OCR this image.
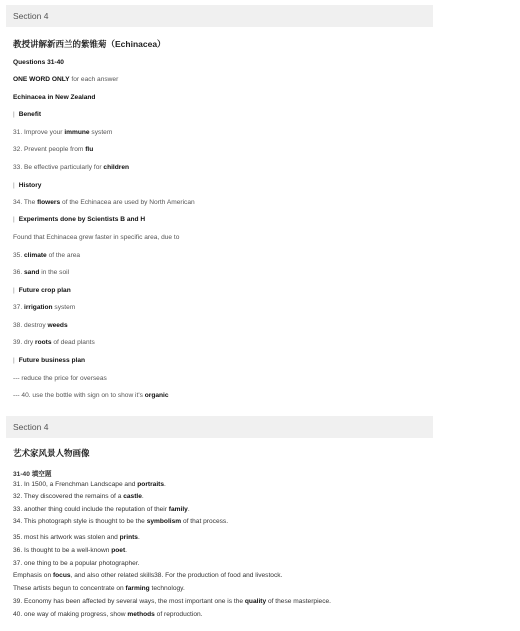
Section 4
教授讲解新西兰的紫锥菊（Echinacea）
Questions 31-40
ONE WORD ONLY for each answer
Echinacea in New Zealand
| Benefit
31. Improve your immune system
32. Prevent people from flu
33. Be effective particularly for children
| History
34. The flowers of the Echinacea are used by North American
| Experiments done by Scientists B and H
Found that Echinacea grew faster in specific area, due to
35. climate of the area
36. sand in the soil
| Future crop plan
37. irrigation system
38. destroy weeds
39. dry roots of dead plants
| Future business plan
--- reduce the price for overseas
--- 40. use the bottle with sign on to show it's organic
Section 4
艺术家风景人物画像
31-40 填空题
31. In 1500, a Frenchman Landscape and portraits.
32. They discovered the remains of a castle.
33. another thing could include the reputation of their family.
34. This photograph style is thought to be the symbolism of that process.
35. most his artwork was stolen and prints.
36. Is thought to be a well-known poet.
37. one thing to be a popular photographer.
Emphasis on focus, and also other related skills38. For the production of food and livestock.
These artists begun to concentrate on farming technology.
39. Economy has been affected by several ways, the most important one is the quality of these masterpiece.
40. one way of making progress, show methods of reproduction.
